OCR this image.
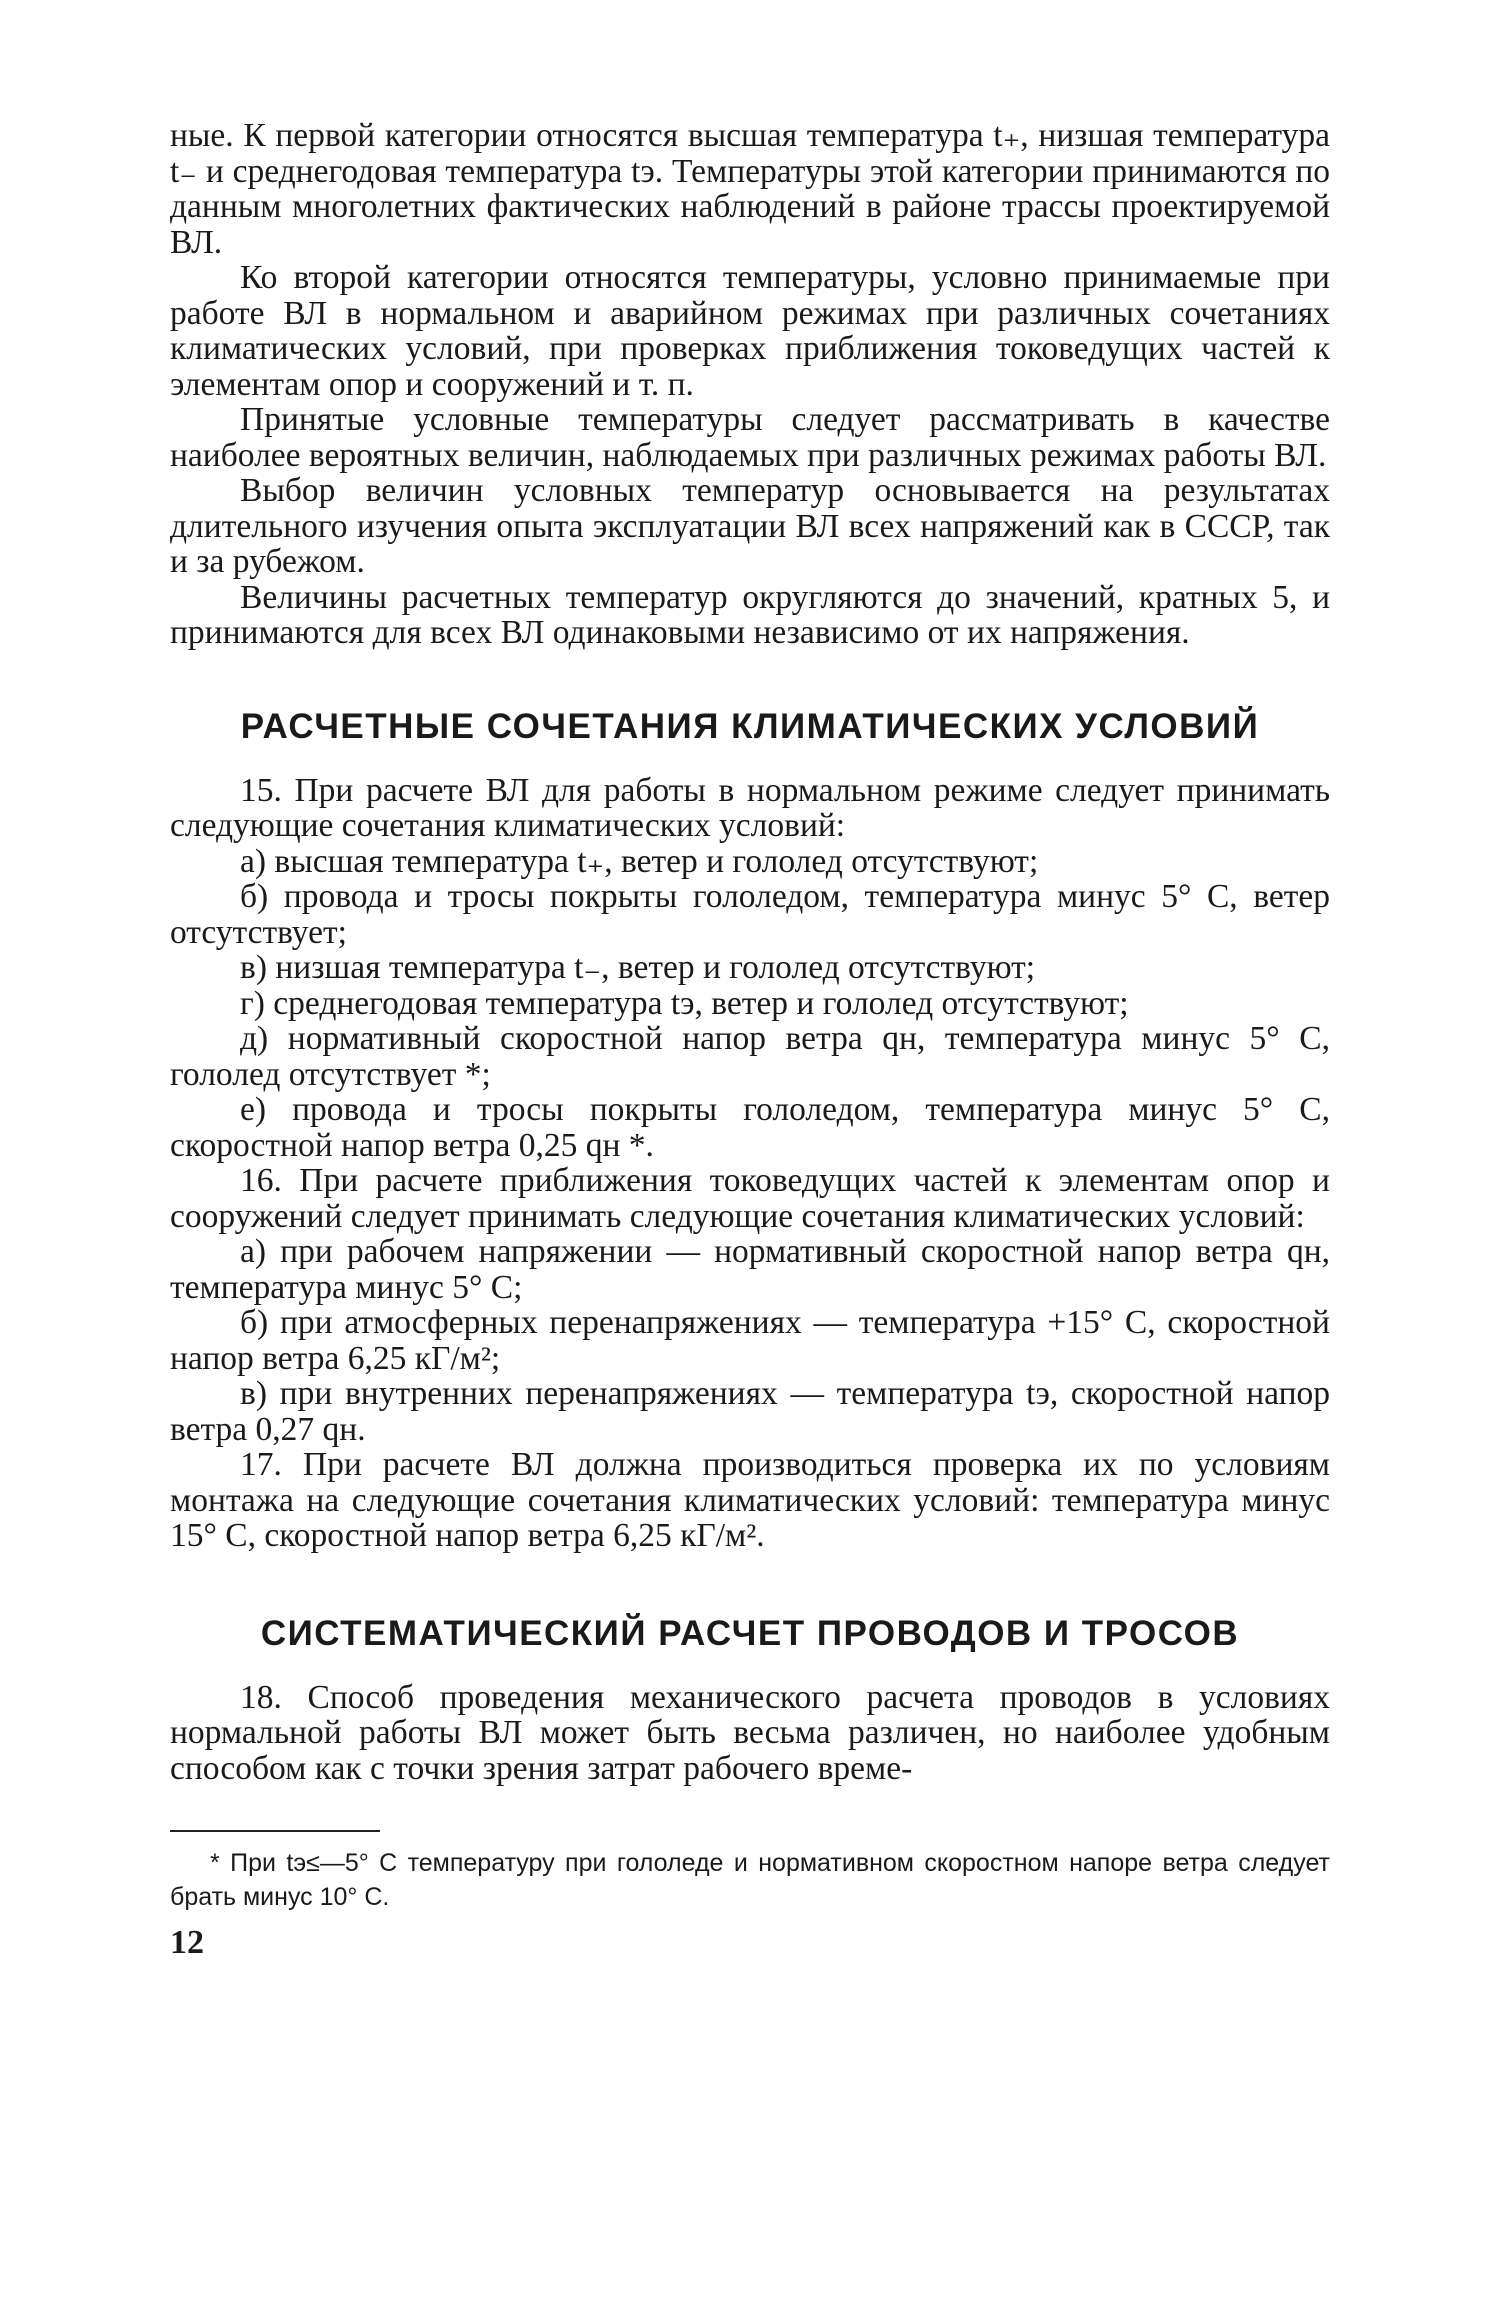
ные. К первой категории относятся высшая температура t₊, низшая температура t₋ и среднегодовая температура tэ. Температуры этой категории принимаются по данным многолетних фактических наблюдений в районе трассы проектируемой ВЛ.

Ко второй категории относятся температуры, условно принимаемые при работе ВЛ в нормальном и аварийном режимах при различных сочетаниях климатических условий, при проверках приближения токоведущих частей к элементам опор и сооружений и т. п.

Принятые условные температуры следует рассматривать в качестве наиболее вероятных величин, наблюдаемых при различных режимах работы ВЛ.

Выбор величин условных температур основывается на результатах длительного изучения опыта эксплуатации ВЛ всех напряжений как в СССР, так и за рубежом.

Величины расчетных температур округляются до значений, кратных 5, и принимаются для всех ВЛ одинаковыми независимо от их напряжения.

РАСЧЕТНЫЕ СОЧЕТАНИЯ КЛИМАТИЧЕСКИХ УСЛОВИЙ

15. При расчете ВЛ для работы в нормальном режиме следует принимать следующие сочетания климатических условий:

а) высшая температура t₊, ветер и гололед отсутствуют;

б) провода и тросы покрыты гололедом, температура минус 5° С, ветер отсутствует;

в) низшая температура t₋, ветер и гололед отсутствуют;

г) среднегодовая температура tэ, ветер и гололед отсутствуют;

д) нормативный скоростной напор ветра qн, температура минус 5° С, гололед отсутствует *;

е) провода и тросы покрыты гололедом, температура минус 5° С, скоростной напор ветра 0,25 qн *.

16. При расчете приближения токоведущих частей к элементам опор и сооружений следует принимать следующие сочетания климатических условий:

а) при рабочем напряжении — нормативный скоростной напор ветра qн, температура минус 5° С;

б) при атмосферных перенапряжениях — температура +15° С, скоростной напор ветра 6,25 кГ/м²;

в) при внутренних перенапряжениях — температура tэ, скоростной напор ветра 0,27 qн.

17. При расчете ВЛ должна производиться проверка их по условиям монтажа на следующие сочетания климатических условий: температура минус 15° С, скоростной напор ветра 6,25 кГ/м².

СИСТЕМАТИЧЕСКИЙ РАСЧЕТ ПРОВОДОВ И ТРОСОВ

18. Способ проведения механического расчета проводов в условиях нормальной работы ВЛ может быть весьма различен, но наиболее удобным способом как с точки зрения затрат рабочего време-

* При tэ≤—5° С температуру при гололеде и нормативном скоростном напоре ветра следует брать минус 10° С.

12
